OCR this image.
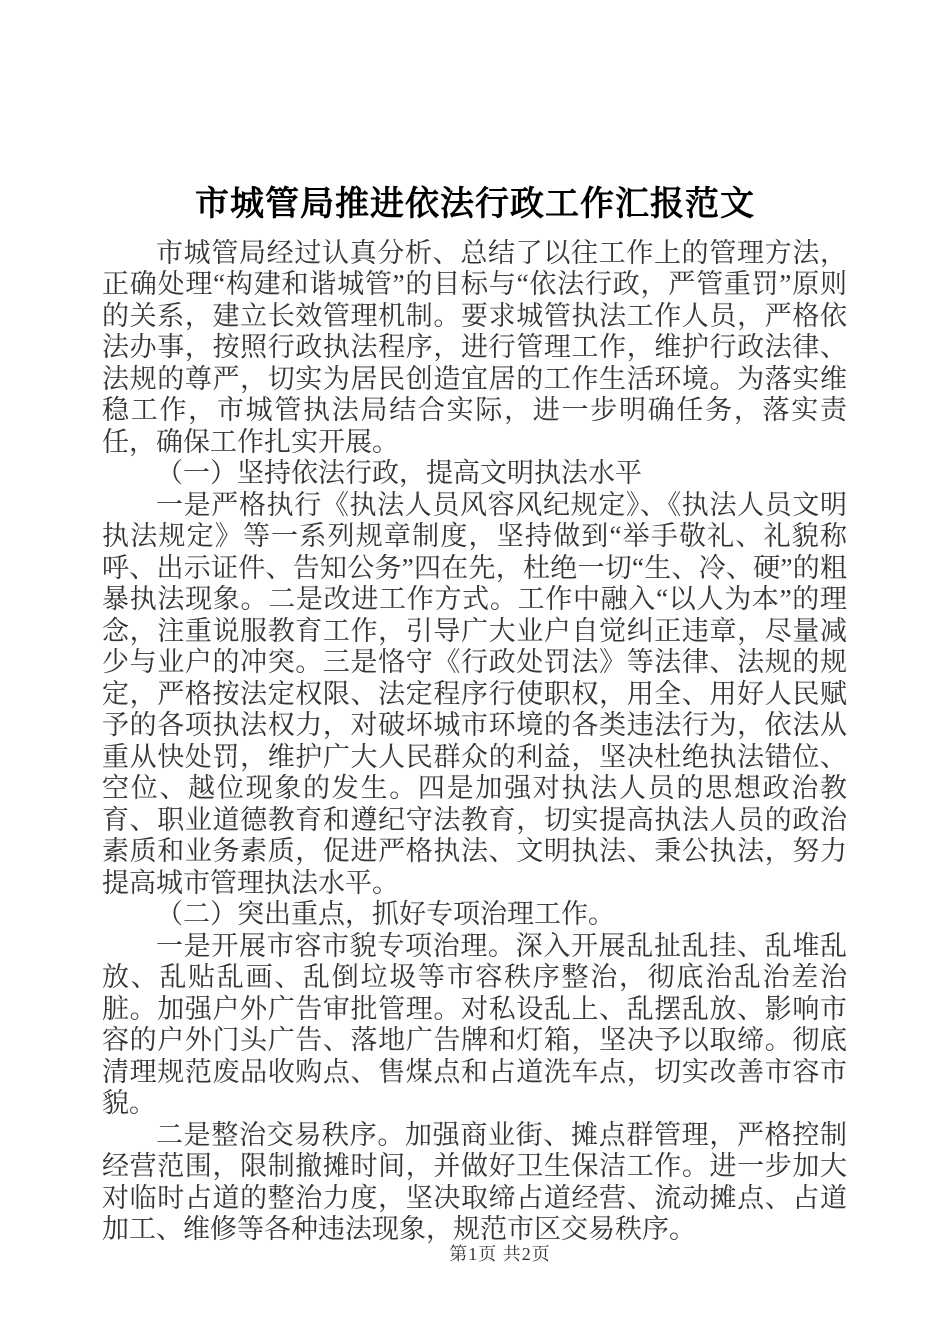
市城管局推进依法行政工作汇报范文

市城管局经过认真分析、总结了以往工作上的管理方法，正确处理“构建和谐城管”的目标与“依法行政，严管重罚”原则的关系，建立长效管理机制。要求城管执法工作人员，严格依法办事，按照行政执法程序，进行管理工作，维护行政法律、法规的尊严，切实为居民创造宜居的工作生活环境。为落实维稳工作，市城管执法局结合实际，进一步明确任务，落实责任，确保工作扎实开展。

（一）坚持依法行政，提高文明执法水平

一是严格执行《执法人员风容风纪规定》、《执法人员文明执法规定》等一系列规章制度，坚持做到“举手敬礼、礼貌称呼、出示证件、告知公务”四在先，杜绝一切“生、冷、硬”的粗暴执法现象。二是改进工作方式。工作中融入“以人为本”的理念，注重说服教育工作，引导广大业户自觉纠正违章，尽量减少与业户的冲突。三是恪守《行政处罚法》等法律、法规的规定，严格按法定权限、法定程序行使职权，用全、用好人民赋予的各项执法权力，对破坏城市环境的各类违法行为，依法从重从快处罚，维护广大人民群众的利益，坚决杜绝执法错位、空位、越位现象的发生。四是加强对执法人员的思想政治教育、职业道德教育和遵纪守法教育，切实提高执法人员的政治素质和业务素质，促进严格执法、文明执法、秉公执法，努力提高城市管理执法水平。

（二）突出重点，抓好专项治理工作。

一是开展市容市貌专项治理。深入开展乱扯乱挂、乱堆乱放、乱贴乱画、乱倒垃圾等市容秩序整治，彻底治乱治差治脏。加强户外广告审批管理。对私设乱上、乱摆乱放、影响市容的户外门头广告、落地广告牌和灯箱，坚决予以取缔。彻底清理规范废品收购点、售煤点和占道洗车点，切实改善市容市貌。

二是整治交易秩序。加强商业街、摊点群管理，严格控制经营范围，限制撤摊时间，并做好卫生保洁工作。进一步加大对临时占道的整治力度，坚决取缔占道经营、流动摊点、占道加工、维修等各种违法现象，规范市区交易秩序。

第1页 共2页
